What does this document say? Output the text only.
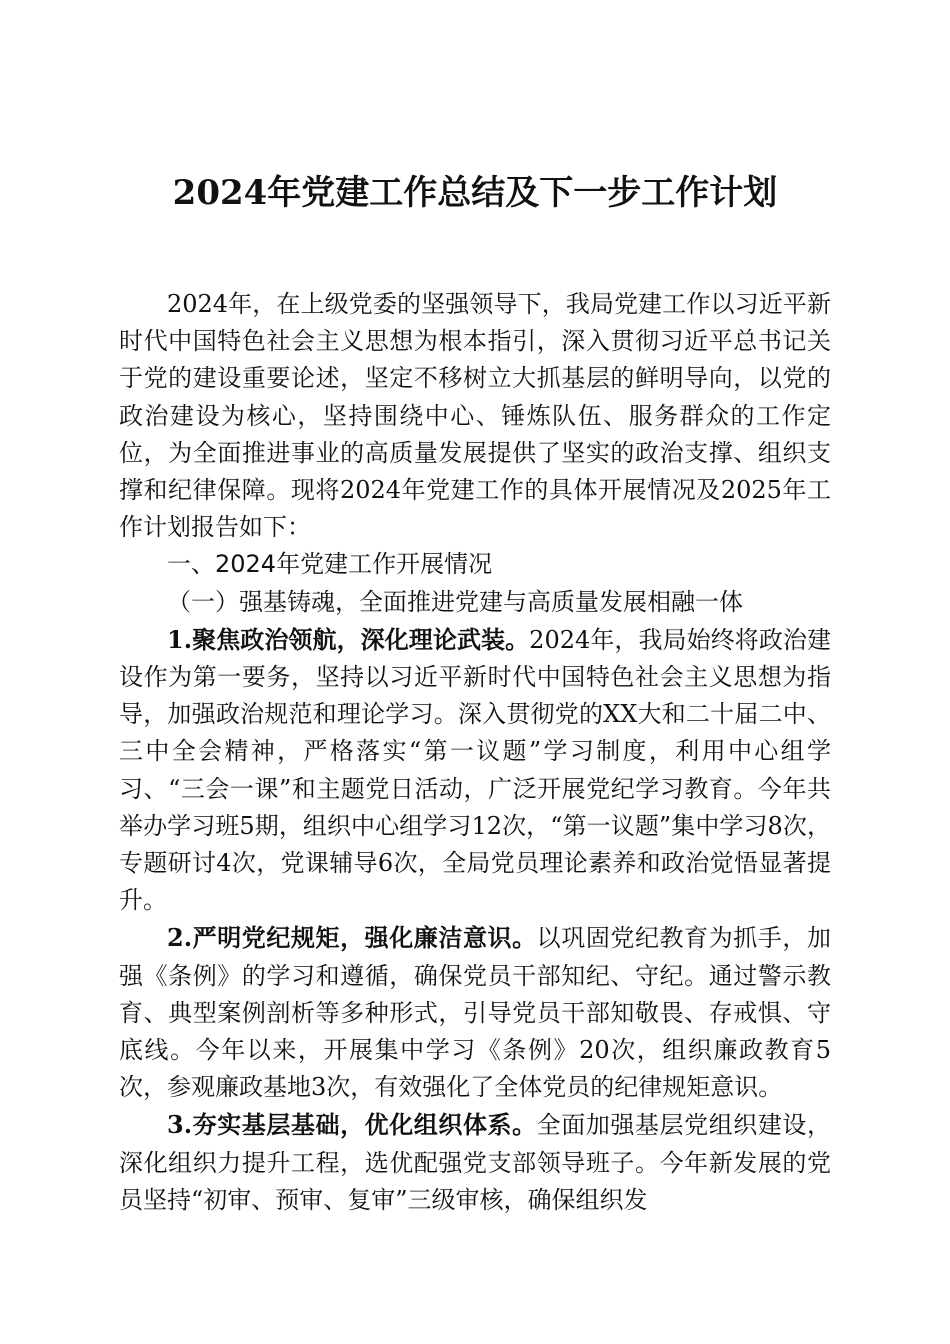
2024年党建工作总结及下一步工作计划

2024年，在上级党委的坚强领导下，我局党建工作以习近平新时代中国特色社会主义思想为根本指引，深入贯彻习近平总书记关于党的建设重要论述，坚定不移树立大抓基层的鲜明导向，以党的政治建设为核心，坚持围绕中心、锤炼队伍、服务群众的工作定位，为全面推进事业的高质量发展提供了坚实的政治支撑、组织支撑和纪律保障。现将2024年党建工作的具体开展情况及2025年工作计划报告如下：

一、2024年党建工作开展情况

（一）强基铸魂，全面推进党建与高质量发展相融一体

1.聚焦政治领航，深化理论武装。2024年，我局始终将政治建设作为第一要务，坚持以习近平新时代中国特色社会主义思想为指导，加强政治规范和理论学习。深入贯彻党的XX大和二十届二中、三中全会精神，严格落实“第一议题”学习制度，利用中心组学习、“三会一课”和主题党日活动，广泛开展党纪学习教育。今年共举办学习班5期，组织中心组学习12次，“第一议题”集中学习8次，专题研讨4次，党课辅导6次，全局党员理论素养和政治觉悟显著提升。

2.严明党纪规矩，强化廉洁意识。以巩固党纪教育为抓手，加强《条例》的学习和遵循，确保党员干部知纪、守纪。通过警示教育、典型案例剖析等多种形式，引导党员干部知敬畏、存戒惧、守底线。今年以来，开展集中学习《条例》20次，组织廉政教育5次，参观廉政基地3次，有效强化了全体党员的纪律规矩意识。

3.夯实基层基础，优化组织体系。全面加强基层党组织建设，深化组织力提升工程，选优配强党支部领导班子。今年新发展的党员坚持“初审、预审、复审”三级审核，确保组织发
